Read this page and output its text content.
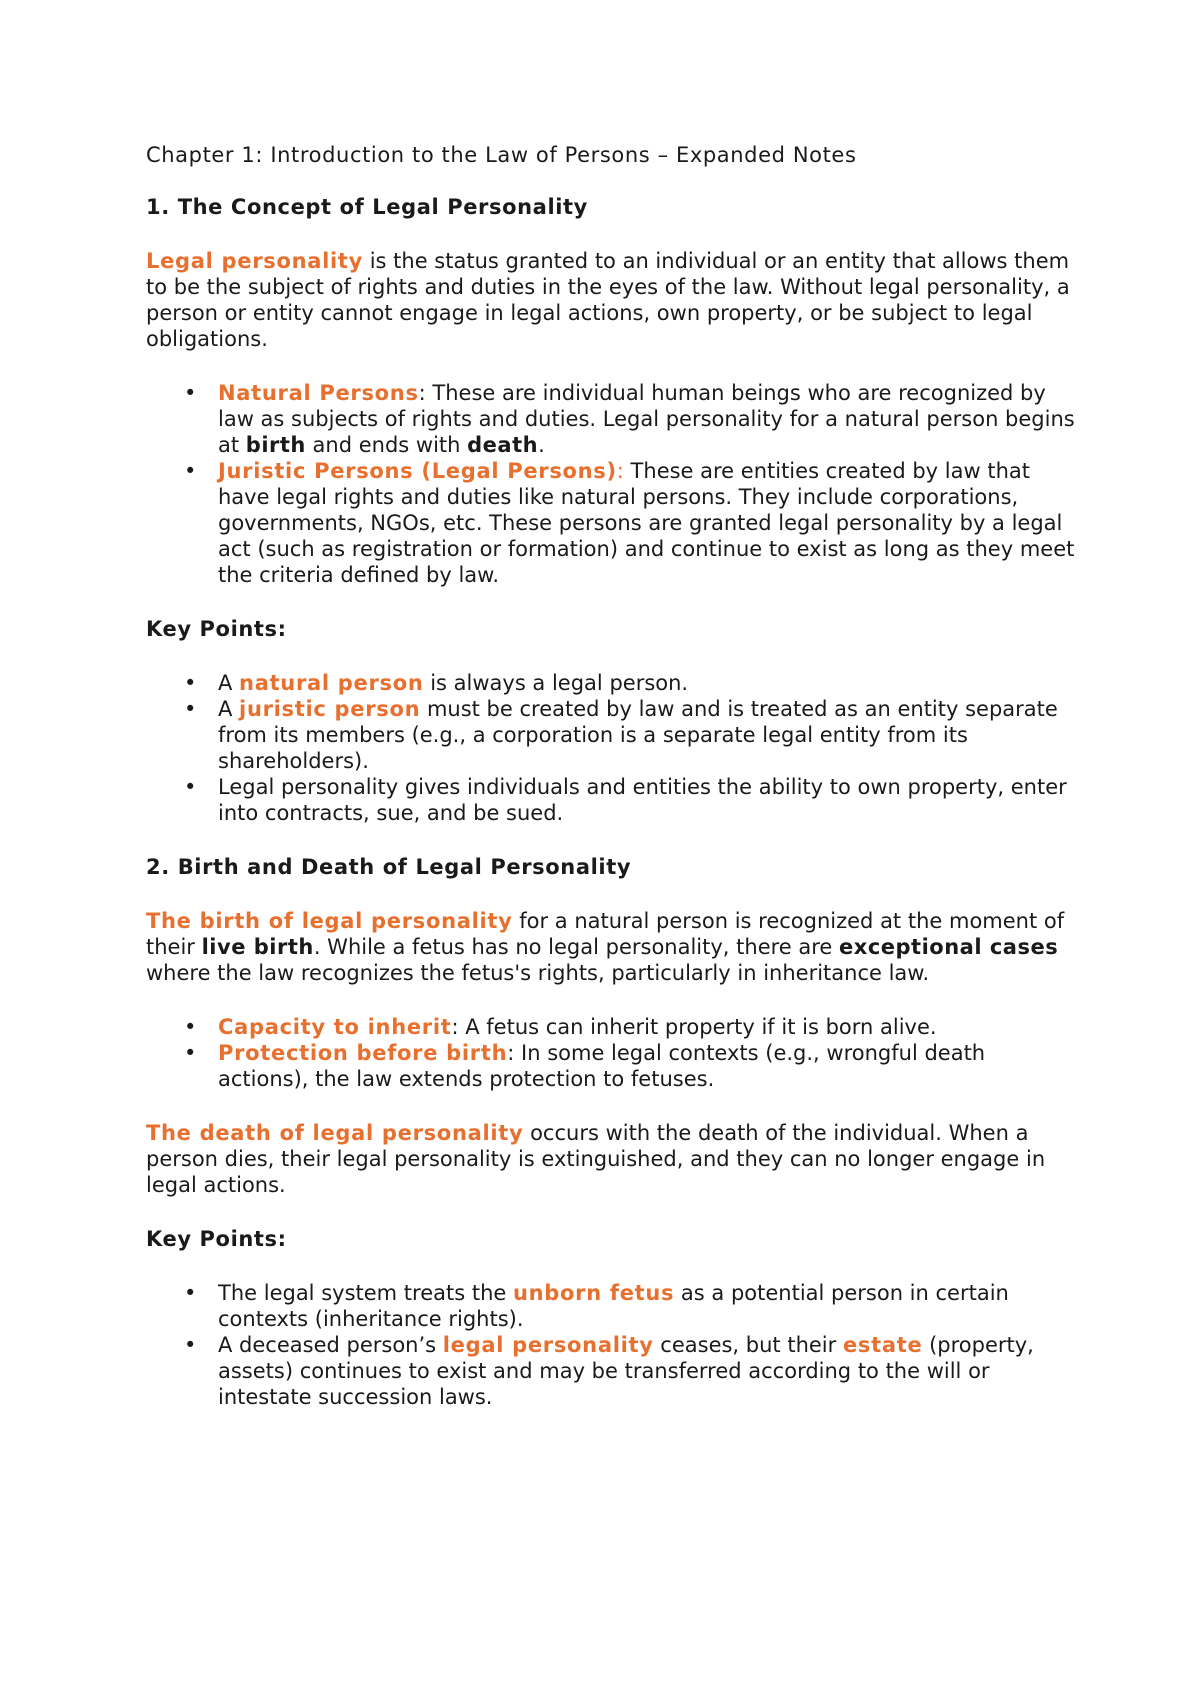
Chapter 1: Introduction to the Law of Persons – Expanded Notes
1. The Concept of Legal Personality

Legal personality is the status granted to an individual or an entity that allows them to be the subject of rights and duties in the eyes of the law. Without legal personality, a person or entity cannot engage in legal actions, own property, or be subject to legal obligations.

• Natural Persons: These are individual human beings who are recognized by law as subjects of rights and duties. Legal personality for a natural person begins at birth and ends with death.
• Juristic Persons (Legal Persons): These are entities created by law that have legal rights and duties like natural persons. They include corporations, governments, NGOs, etc. These persons are granted legal personality by a legal act (such as registration or formation) and continue to exist as long as they meet the criteria defined by law.
Key Points:
• A natural person is always a legal person.
• A juristic person must be created by law and is treated as an entity separate from its members (e.g., a corporation is a separate legal entity from its shareholders).
• Legal personality gives individuals and entities the ability to own property, enter into contracts, sue, and be sued.
2. Birth and Death of Legal Personality

The birth of legal personality for a natural person is recognized at the moment of their live birth. While a fetus has no legal personality, there are exceptional cases where the law recognizes the fetus's rights, particularly in inheritance law.

• Capacity to inherit: A fetus can inherit property if it is born alive.
• Protection before birth: In some legal contexts (e.g., wrongful death actions), the law extends protection to fetuses.

The death of legal personality occurs with the death of the individual. When a person dies, their legal personality is extinguished, and they can no longer engage in legal actions.

Key Points:
• The legal system treats the unborn fetus as a potential person in certain contexts (inheritance rights).
• A deceased person’s legal personality ceases, but their estate (property, assets) continues to exist and may be transferred according to the will or intestate succession laws.
